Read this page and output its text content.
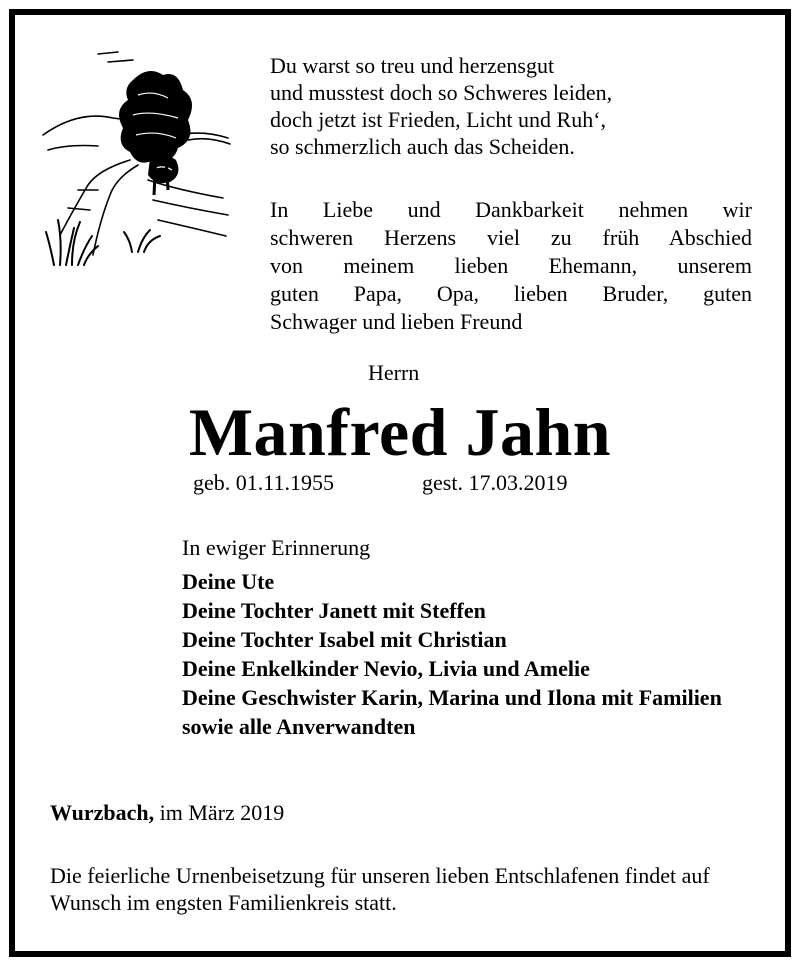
Du warst so treu und herzensgut
und musstest doch so Schweres leiden,
doch jetzt ist Frieden, Licht und Ruh‘,
so schmerzlich auch das Scheiden.
In Liebe und Dankbarkeit nehmen wir
schweren Herzens viel zu früh Abschied
von meinem lieben Ehemann, unserem
guten Papa, Opa, lieben Bruder, guten
Schwager und lieben Freund
Herrn
Manfred Jahn
geb. 01.11.1955	gest. 17.03.2019
In ewiger Erinnerung
Deine Ute
Deine Tochter Janett mit Steffen
Deine Tochter Isabel mit Christian
Deine Enkelkinder Nevio, Livia und Amelie
Deine Geschwister Karin, Marina und Ilona mit Familien
sowie alle Anverwandten
Wurzbach, im März 2019
Die feierliche Urnenbeisetzung für unseren lieben Entschlafenen findet auf Wunsch im engsten Familienkreis statt.
